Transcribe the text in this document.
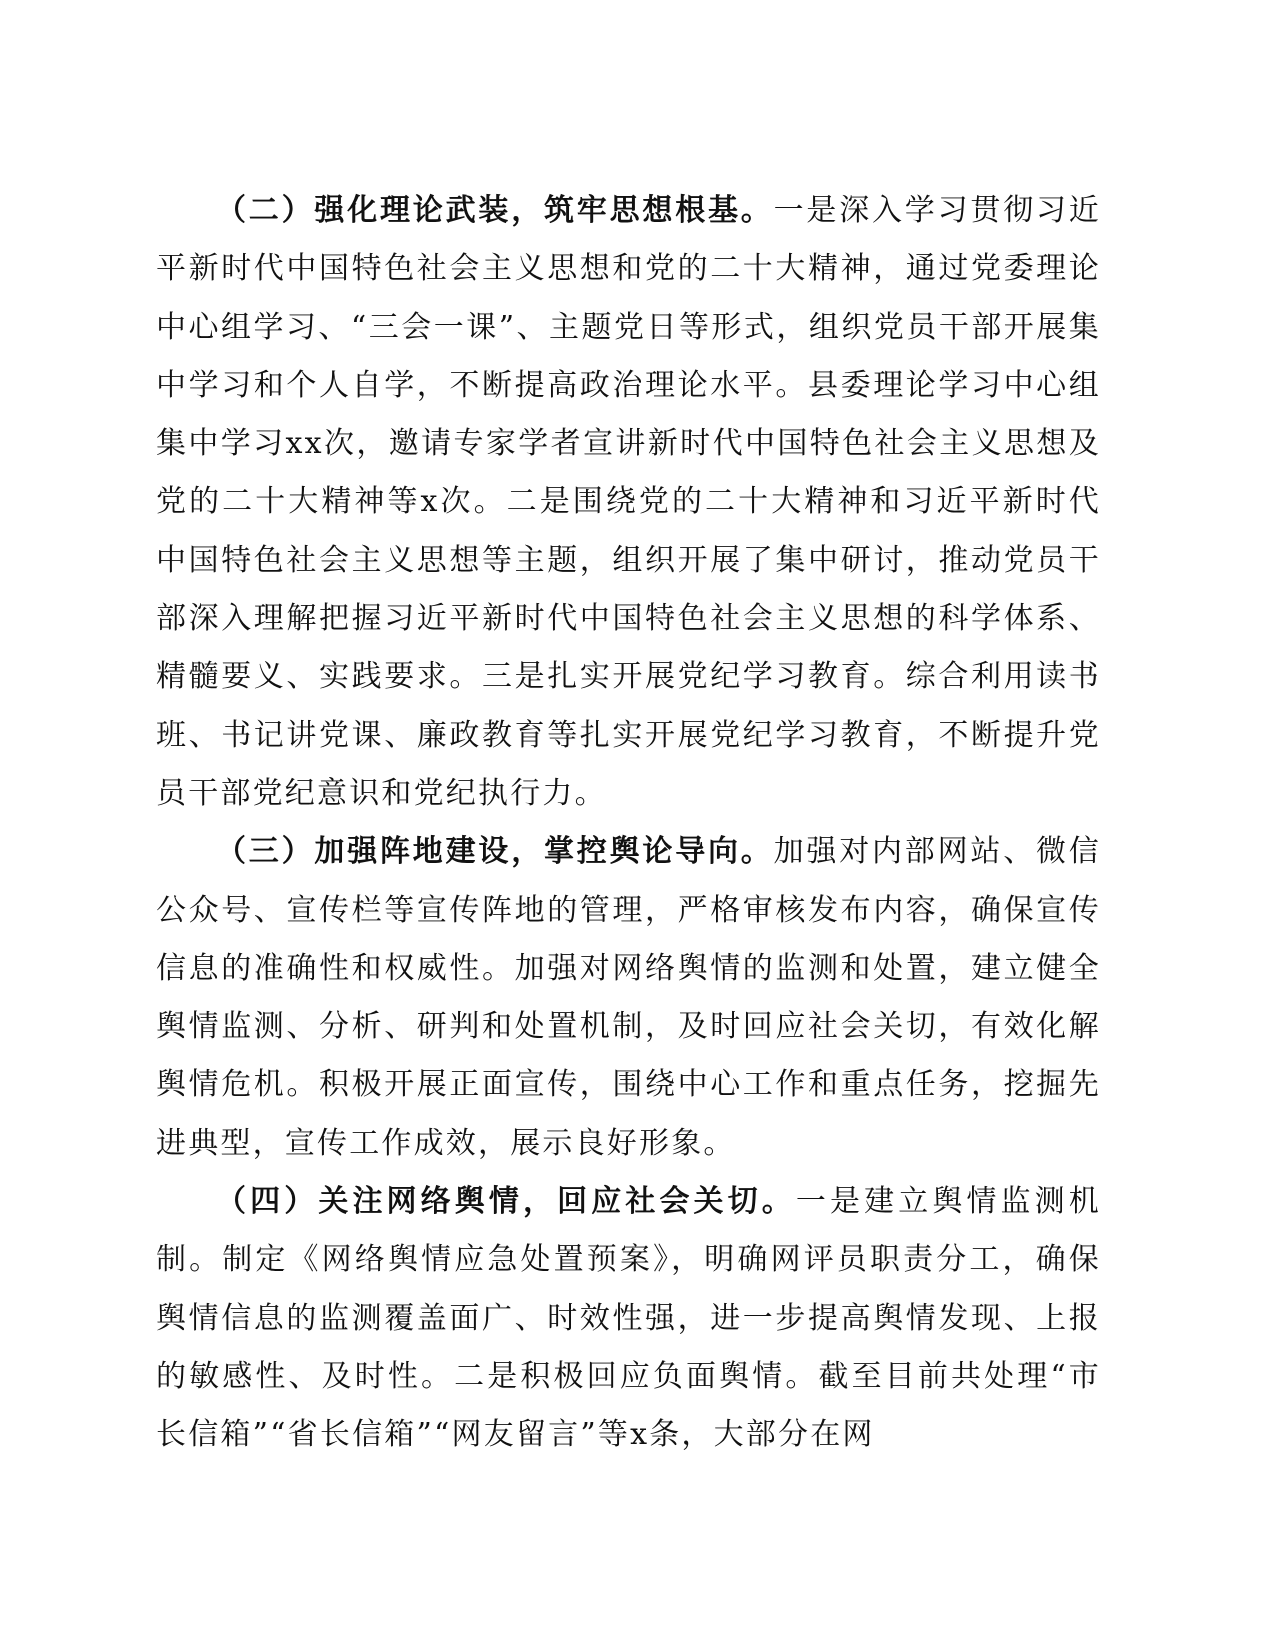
（二）强化理论武装，筑牢思想根基。一是深入学习贯彻习近平新时代中国特色社会主义思想和党的二十大精神，通过党委理论中心组学习、“三会一课”、主题党日等形式，组织党员干部开展集中学习和个人自学，不断提高政治理论水平。县委理论学习中心组集中学习xx次，邀请专家学者宣讲新时代中国特色社会主义思想及党的二十大精神等x次。二是围绕党的二十大精神和习近平新时代中国特色社会主义思想等主题，组织开展了集中研讨，推动党员干部深入理解把握习近平新时代中国特色社会主义思想的科学体系、精髓要义、实践要求。三是扎实开展党纪学习教育。综合利用读书班、书记讲党课、廉政教育等扎实开展党纪学习教育，不断提升党员干部党纪意识和党纪执行力。

（三）加强阵地建设，掌控舆论导向。加强对内部网站、微信公众号、宣传栏等宣传阵地的管理，严格审核发布内容，确保宣传信息的准确性和权威性。加强对网络舆情的监测和处置，建立健全舆情监测、分析、研判和处置机制，及时回应社会关切，有效化解舆情危机。积极开展正面宣传，围绕中心工作和重点任务，挖掘先进典型，宣传工作成效，展示良好形象。

（四）关注网络舆情，回应社会关切。一是建立舆情监测机制。制定《网络舆情应急处置预案》，明确网评员职责分工，确保舆情信息的监测覆盖面广、时效性强，进一步提高舆情发现、上报的敏感性、及时性。二是积极回应负面舆情。截至目前共处理“市长信箱”“省长信箱”“网友留言”等x条，大部分在网
